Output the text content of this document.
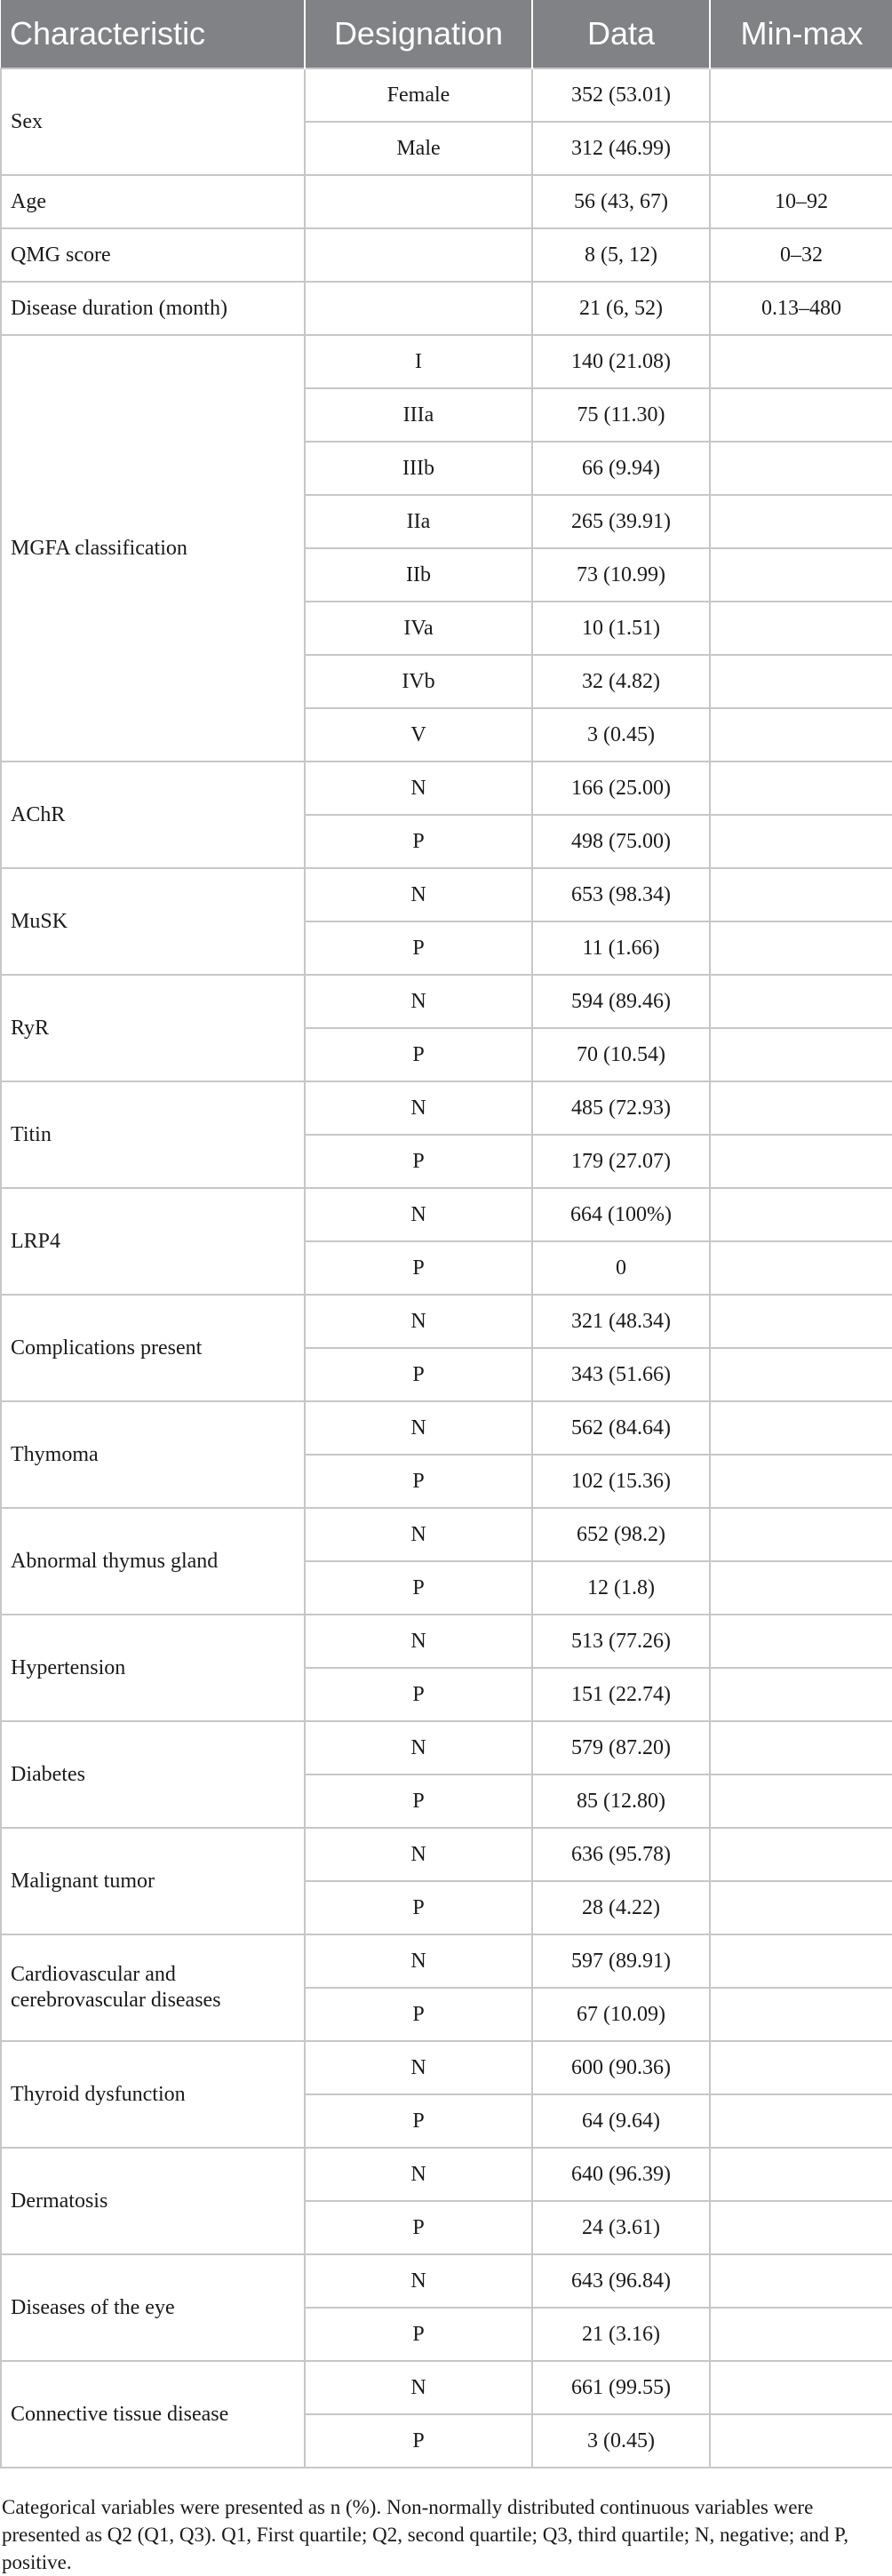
Characteristic	Designation	Data	Min-max
Sex	Female	352 (53.01)	
	Male	312 (46.99)	
Age		56 (43, 67)	10–92
QMG score		8 (5, 12)	0–32
Disease duration (month)		21 (6, 52)	0.13–480
MGFA classification	I	140 (21.08)	
	IIIa	75 (11.30)	
	IIIb	66 (9.94)	
	IIa	265 (39.91)	
	IIb	73 (10.99)	
	IVa	10 (1.51)	
	IVb	32 (4.82)	
	V	3 (0.45)	
AChR	N	166 (25.00)	
	P	498 (75.00)	
MuSK	N	653 (98.34)	
	P	11 (1.66)	
RyR	N	594 (89.46)	
	P	70 (10.54)	
Titin	N	485 (72.93)	
	P	179 (27.07)	
LRP4	N	664 (100%)	
	P	0	
Complications present	N	321 (48.34)	
	P	343 (51.66)	
Thymoma	N	562 (84.64)	
	P	102 (15.36)	
Abnormal thymus gland	N	652 (98.2)	
	P	12 (1.8)	
Hypertension	N	513 (77.26)	
	P	151 (22.74)	
Diabetes	N	579 (87.20)	
	P	85 (12.80)	
Malignant tumor	N	636 (95.78)	
	P	28 (4.22)	
Cardiovascular and cerebrovascular diseases	N	597 (89.91)	
	P	67 (10.09)	
Thyroid dysfunction	N	600 (90.36)	
	P	64 (9.64)	
Dermatosis	N	640 (96.39)	
	P	24 (3.61)	
Diseases of the eye	N	643 (96.84)	
	P	21 (3.16)	
Connective tissue disease	N	661 (99.55)	
	P	3 (0.45)	
Categorical variables were presented as n (%). Non-normally distributed continuous variables were presented as Q2 (Q1, Q3). Q1, First quartile; Q2, second quartile; Q3, third quartile; N, negative; and P, positive.
